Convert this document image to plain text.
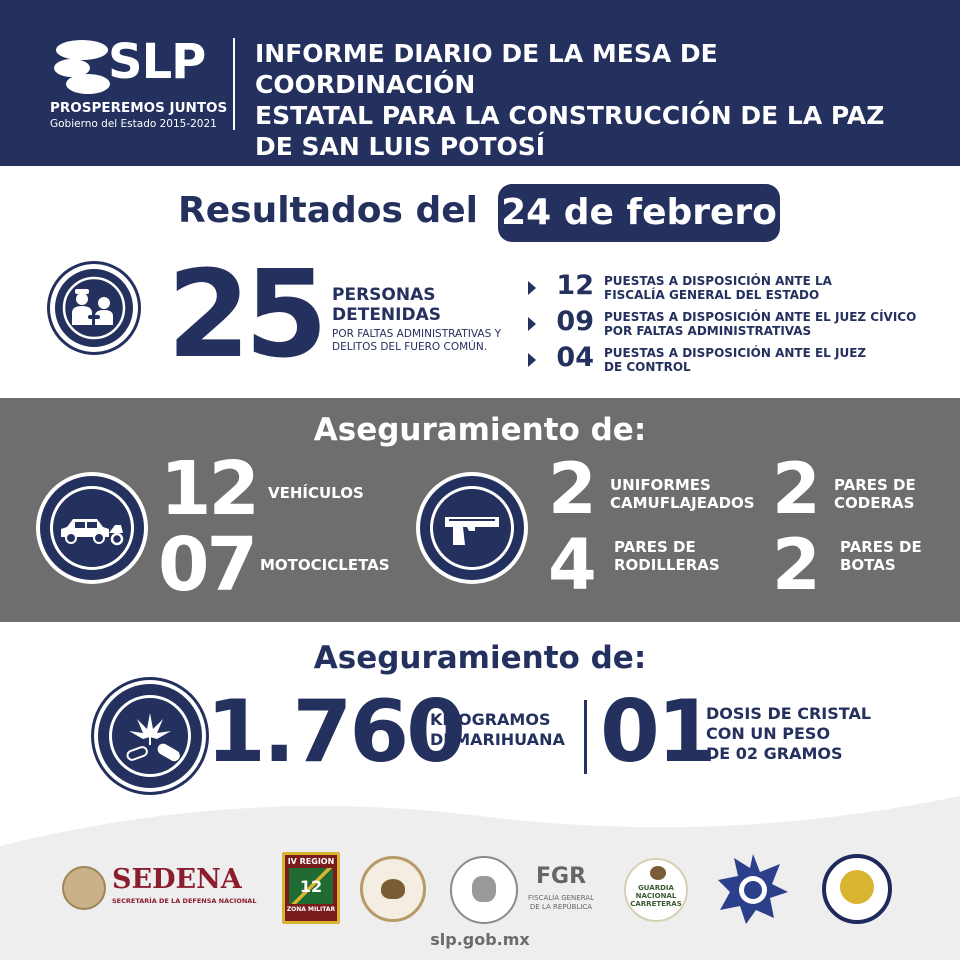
SLP
PROSPEREMOS JUNTOS
Gobierno del Estado 2015-2021
INFORME DIARIO DE LA MESA DE COORDINACIÓN
ESTATAL PARA LA CONSTRUCCIÓN DE LA PAZ
DE SAN LUIS POTOSÍ
Resultados del 24 de febrero
25 PERSONAS
DETENIDAS
POR FALTAS ADMINISTRATIVAS Y
DELITOS DEL FUERO COMÚN.
12 PUESTAS A DISPOSICIÓN ANTE LA
FISCALÍA GENERAL DEL ESTADO
09 PUESTAS A DISPOSICIÓN ANTE EL JUEZ CÍVICO
POR FALTAS ADMINISTRATIVAS
04 PUESTAS A DISPOSICIÓN ANTE EL JUEZ
DE CONTROL
Aseguramiento de:
12 VEHÍCULOS
07 MOTOCICLETAS
2 UNIFORMES
CAMUFLAJEADOS 2 PARES DE
CODERAS
4 PARES DE
RODILLERAS 2 PARES DE
BOTAS
Aseguramiento de:
1.760
KILOGRAMOS
DEMARIHUANA 01
DOSIS DE CRISTAL
CON UN PESO
DE 02 GRAMOS
SEDENA
SECRETARÍA DE LA DEFENSA NACIONAL
IV REGION
12
ZONA MILITAR
FGR
FISCALÍA GENERAL
DE LA REPÚBLICA
GUARDIA
NACIONAL
CARRETERAS
slp.gob.mx
